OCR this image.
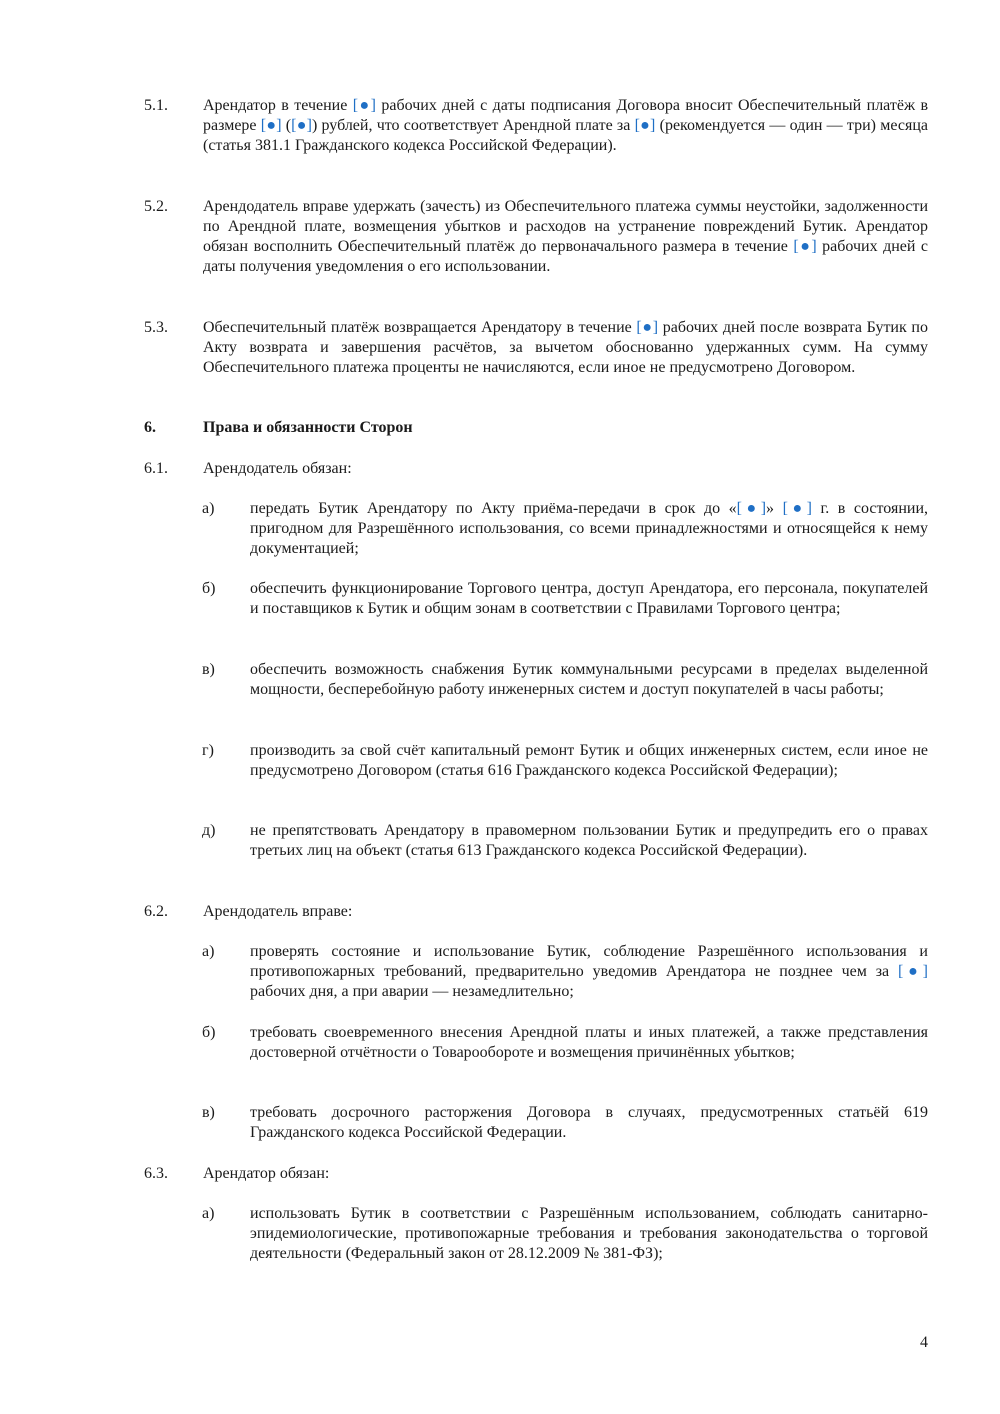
5.1.	Арендатор в течение [●] рабочих дней с даты подписания Договора вносит Обеспечительный платёж в размере [●] ([●]) рублей, что соответствует Арендной плате за [●] (рекомендуется — один — три) месяца (статья 381.1 Гражданского кодекса Российской Федерации).
5.2.	Арендодатель вправе удержать (зачесть) из Обеспечительного платежа суммы неустойки, задолженности по Арендной плате, возмещения убытков и расходов на устранение повреждений Бутик. Арендатор обязан восполнить Обеспечительный платёж до первоначального размера в течение [●] рабочих дней с даты получения уведомления о его использовании.
5.3.	Обеспечительный платёж возвращается Арендатору в течение [●] рабочих дней после возврата Бутик по Акту возврата и завершения расчётов, за вычетом обоснованно удержанных сумм. На сумму Обеспечительного платежа проценты не начисляются, если иное не предусмотрено Договором.
6.	Права и обязанности Сторон
6.1.	Арендодатель обязан:
а)	передать Бутик Арендатору по Акту приёма-передачи в срок до «[●]» [●] г. в состоянии, пригодном для Разрешённого использования, со всеми принадлежностями и относящейся к нему документацией;
б)	обеспечить функционирование Торгового центра, доступ Арендатора, его персонала, покупателей и поставщиков к Бутик и общим зонам в соответствии с Правилами Торгового центра;
в)	обеспечить возможность снабжения Бутик коммунальными ресурсами в пределах выделенной мощности, бесперебойную работу инженерных систем и доступ покупателей в часы работы;
г)	производить за свой счёт капитальный ремонт Бутик и общих инженерных систем, если иное не предусмотрено Договором (статья 616 Гражданского кодекса Российской Федерации);
д)	не препятствовать Арендатору в правомерном пользовании Бутик и предупредить его о правах третьих лиц на объект (статья 613 Гражданского кодекса Российской Федерации).
6.2.	Арендодатель вправе:
а)	проверять состояние и использование Бутик, соблюдение Разрешённого использования и противопожарных требований, предварительно уведомив Арендатора не позднее чем за [●] рабочих дня, а при аварии — незамедлительно;
б)	требовать своевременного внесения Арендной платы и иных платежей, а также представления достоверной отчётности о Товарообороте и возмещения причинённых убытков;
в)	требовать досрочного расторжения Договора в случаях, предусмотренных статьёй 619 Гражданского кодекса Российской Федерации.
6.3.	Арендатор обязан:
а)	использовать Бутик в соответствии с Разрешённым использованием, соблюдать санитарно-эпидемиологические, противопожарные требования и требования законодательства о торговой деятельности (Федеральный закон от 28.12.2009 № 381-ФЗ);
4
